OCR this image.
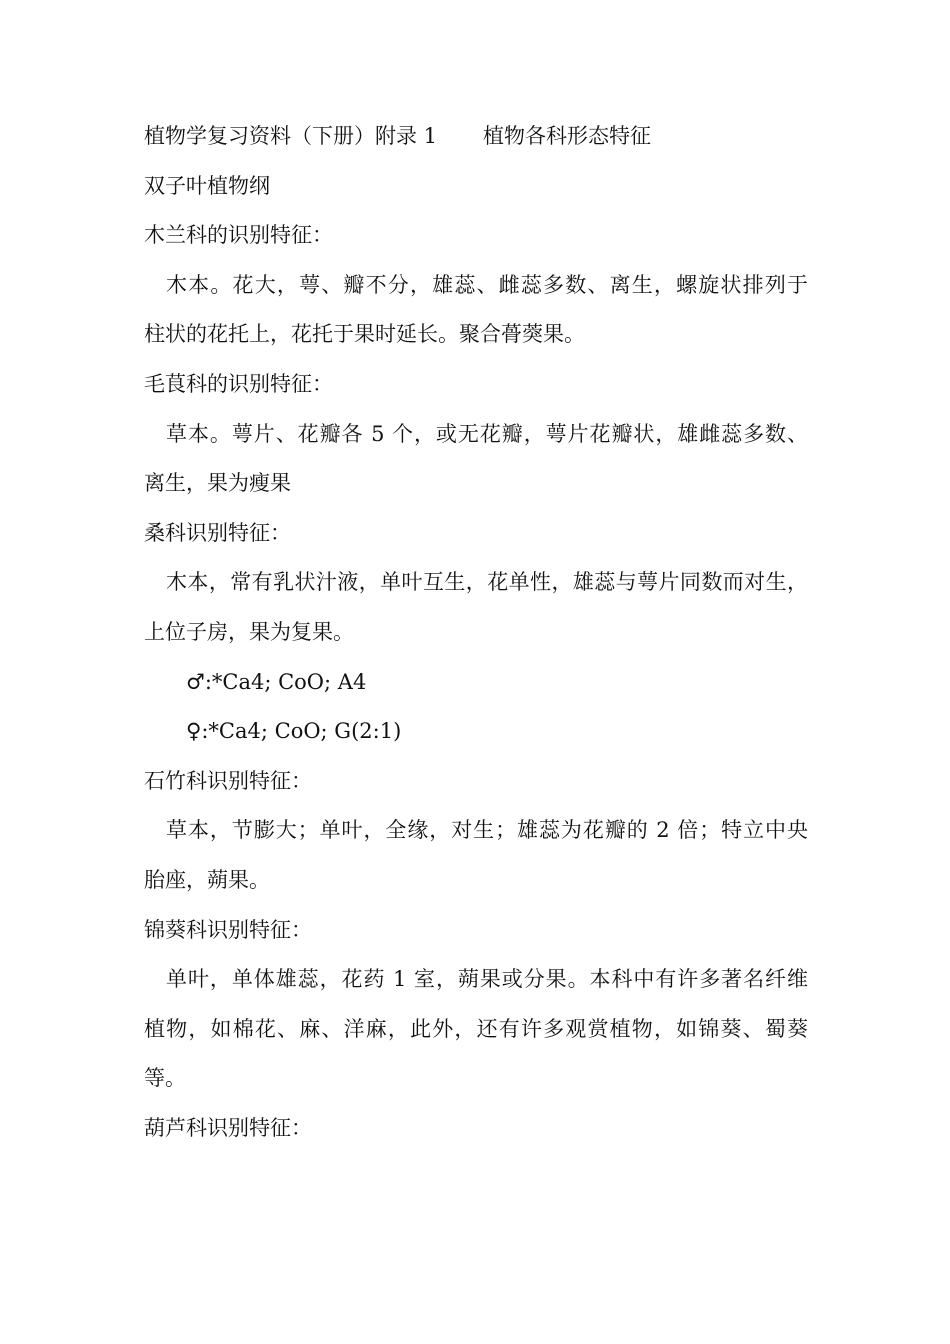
植物学复习资料（下册）附录 1 植物各科形态特征
双子叶植物纲
木兰科的识别特征：
木本。花大，萼、瓣不分，雄蕊、雌蕊多数、离生，螺旋状排列于
柱状的花托上，花托于果时延长。聚合蓇葖果。
毛茛科的识别特征：
草本。萼片、花瓣各 5 个，或无花瓣，萼片花瓣状，雄雌蕊多数、
离生，果为瘦果
桑科识别特征：
木本，常有乳状汁液，单叶互生，花单性，雄蕊与萼片同数而对生，
上位子房，果为复果。
♂:*Ca4; CoO; A4
♀:*Ca4; CoO; G(2:1)
石竹科识别特征：
草本，节膨大；单叶，全缘，对生；雄蕊为花瓣的 2 倍；特立中央
胎座，蒴果。
锦葵科识别特征：
单叶，单体雄蕊，花药 1 室，蒴果或分果。本科中有许多著名纤维
植物，如棉花、麻、洋麻，此外，还有许多观赏植物，如锦葵、蜀葵
等。
葫芦科识别特征：
